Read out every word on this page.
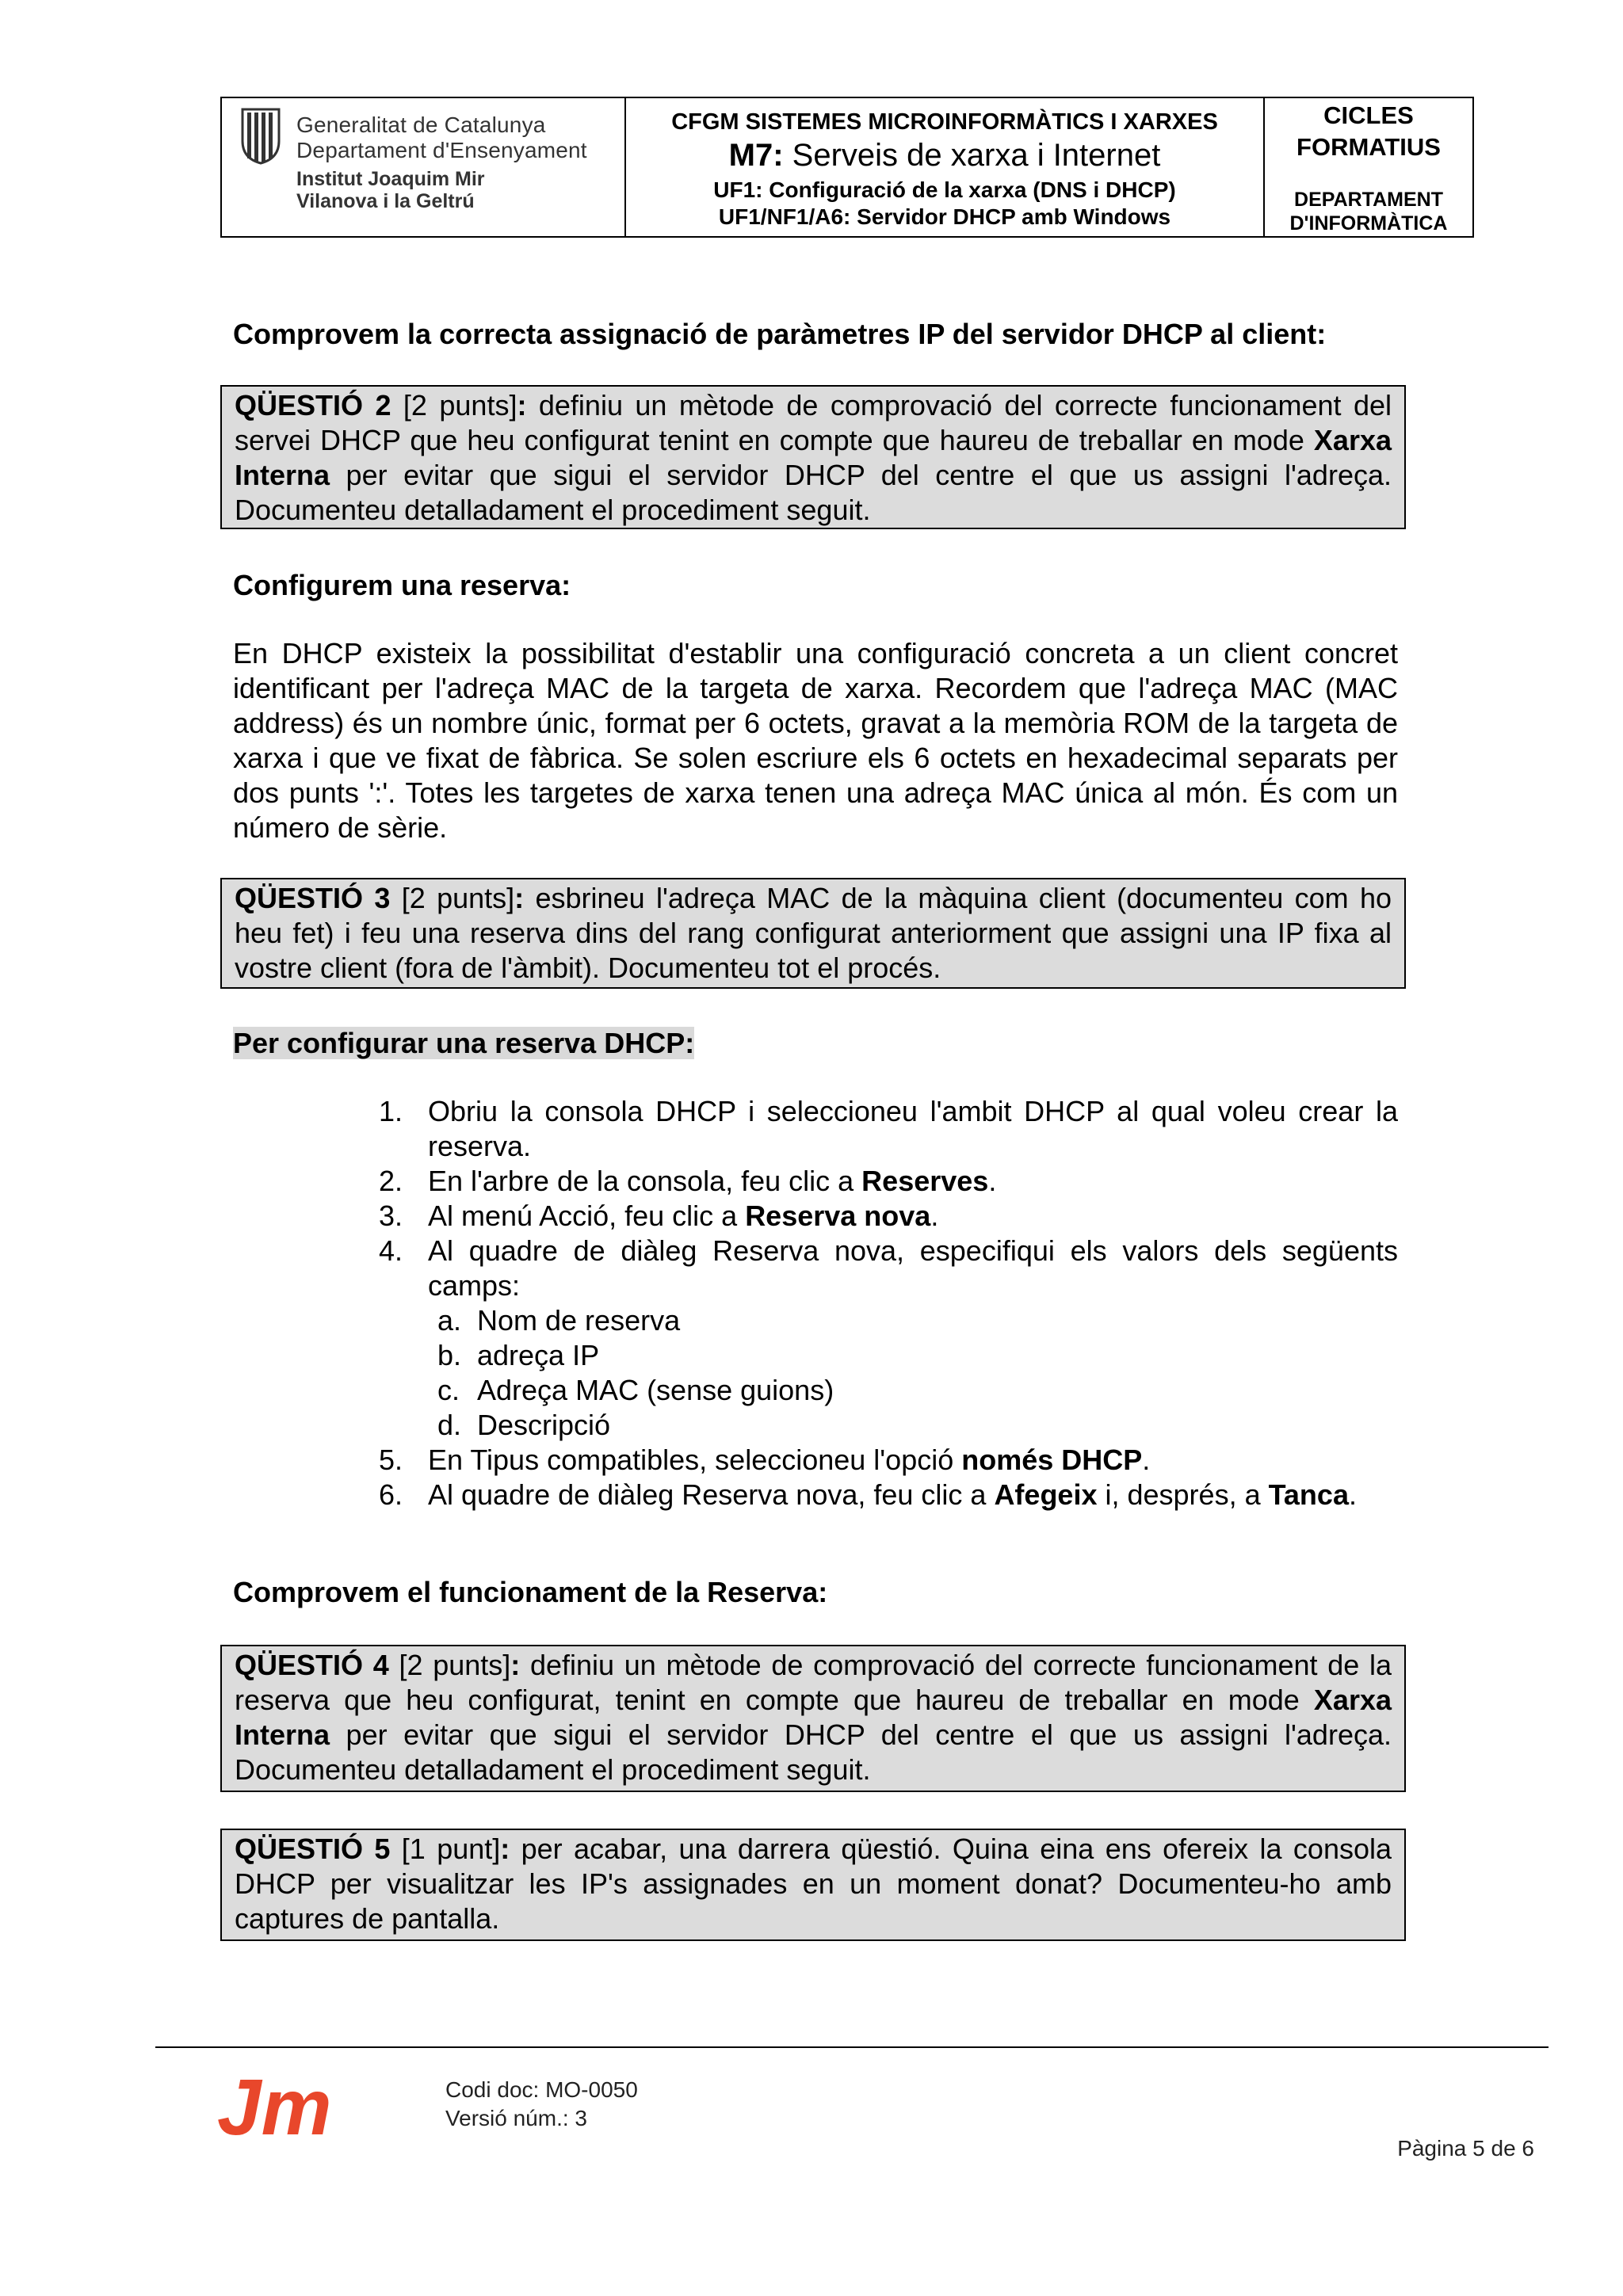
Generalitat de Catalunya
Departament d'Ensenyament
Institut Joaquim Mir
Vilanova i la Geltrú
CFGM SISTEMES MICROINFORMÀTICS I XARXES
M7: Serveis de xarxa i Internet
UF1: Configuració de la xarxa (DNS i DHCP)
UF1/NF1/A6: Servidor DHCP amb Windows
CICLES
FORMATIUS
DEPARTAMENT
D'INFORMÀTICA
Comprovem la correcta assignació de paràmetres IP del servidor DHCP al client:
QÜESTIÓ 2 [2 punts]: definiu un mètode de comprovació del correcte funcionament del servei DHCP que heu configurat tenint en compte que haureu de treballar en mode Xarxa Interna per evitar que sigui el servidor DHCP del centre el que us assigni l'adreça. Documenteu detalladament el procediment seguit.
Configurem una reserva:
En DHCP existeix la possibilitat d'establir una configuració concreta a un client concret identificant per l'adreça MAC de la targeta de xarxa. Recordem que l'adreça MAC (MAC address) és un nombre únic, format per 6 octets, gravat a la memòria ROM de la targeta de xarxa i que ve fixat de fàbrica. Se solen escriure els 6 octets en hexadecimal separats per dos punts ':'. Totes les targetes de xarxa tenen una adreça MAC única al món. És com un número de sèrie.
QÜESTIÓ 3 [2 punts]: esbrineu l'adreça MAC de la màquina client (documenteu com ho heu fet) i feu una reserva dins del rang configurat anteriorment que assigni una IP fixa al vostre client (fora de l'àmbit). Documenteu tot el procés.
Per configurar una reserva DHCP:
1. Obriu la consola DHCP i seleccioneu l'ambit DHCP al qual voleu crear la reserva.
2. En l'arbre de la consola, feu clic a Reserves.
3. Al menú Acció, feu clic a Reserva nova.
4. Al quadre de diàleg Reserva nova, especifiqui els valors dels següents camps:
a. Nom de reserva
b. adreça IP
c. Adreça MAC (sense guions)
d. Descripció
5. En Tipus compatibles, seleccioneu l'opció només DHCP.
6. Al quadre de diàleg Reserva nova, feu clic a Afegeix i, després, a Tanca.
Comprovem el funcionament de la Reserva:
QÜESTIÓ 4 [2 punts]: definiu un mètode de comprovació del correcte funcionament de la reserva que heu configurat, tenint en compte que haureu de treballar en mode Xarxa Interna per evitar que sigui el servidor DHCP del centre el que us assigni l'adreça. Documenteu detalladament el procediment seguit.
QÜESTIÓ 5 [1 punt]: per acabar, una darrera qüestió. Quina eina ens ofereix la consola DHCP per visualitzar les IP's assignades en un moment donat? Documenteu-ho amb captures de pantalla.
Jm	Codi doc: MO-0050
Versió núm.: 3
Pàgina 5 de 6
